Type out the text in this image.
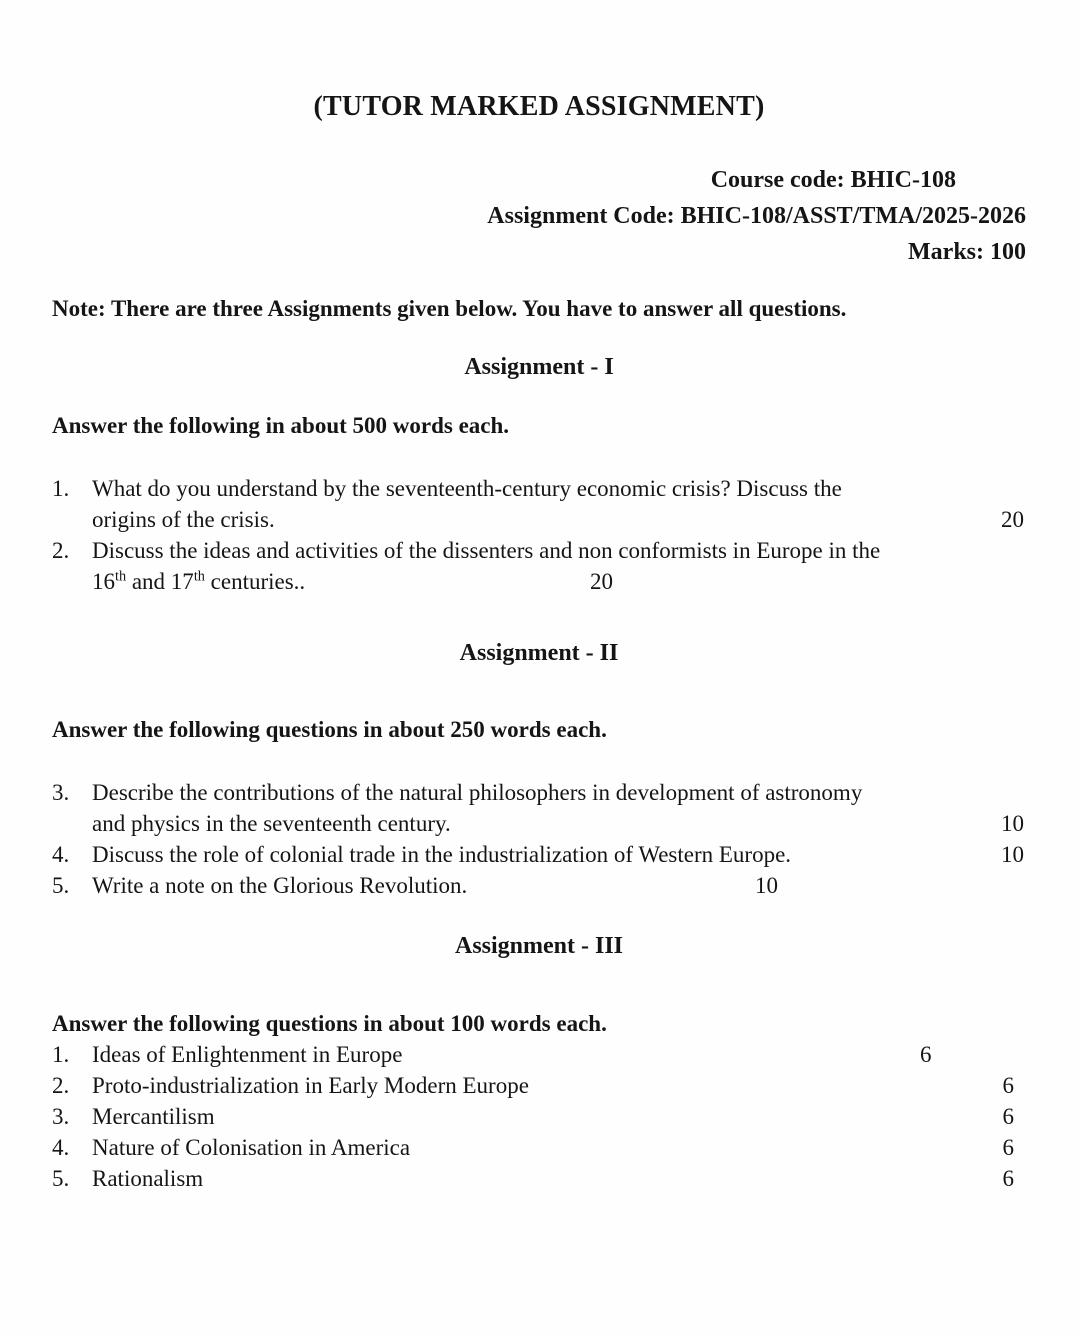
(TUTOR MARKED ASSIGNMENT)
Course code: BHIC-108
Assignment Code: BHIC-108/ASST/TMA/2025-2026
Marks: 100
Note: There are three Assignments given below. You have to answer all questions.
Assignment - I
Answer the following in about 500 words each.
1. What do you understand by the seventeenth-century economic crisis? Discuss the
origins of the crisis.	20
2. Discuss the ideas and activities of the dissenters and non conformists in Europe in the
16th and 17th centuries..	20
Assignment - II
Answer the following questions in about 250 words each.
3. Describe the contributions of the natural philosophers in development of astronomy
and physics in the seventeenth century.	10
4. Discuss the role of colonial trade in the industrialization of Western Europe.	10
5. Write a note on the Glorious Revolution.	10
Assignment - III
Answer the following questions in about 100 words each.
1. Ideas of Enlightenment in Europe	6
2. Proto-industrialization in Early Modern Europe	6
3. Mercantilism	6
4. Nature of Colonisation in America	6
5. Rationalism	6
